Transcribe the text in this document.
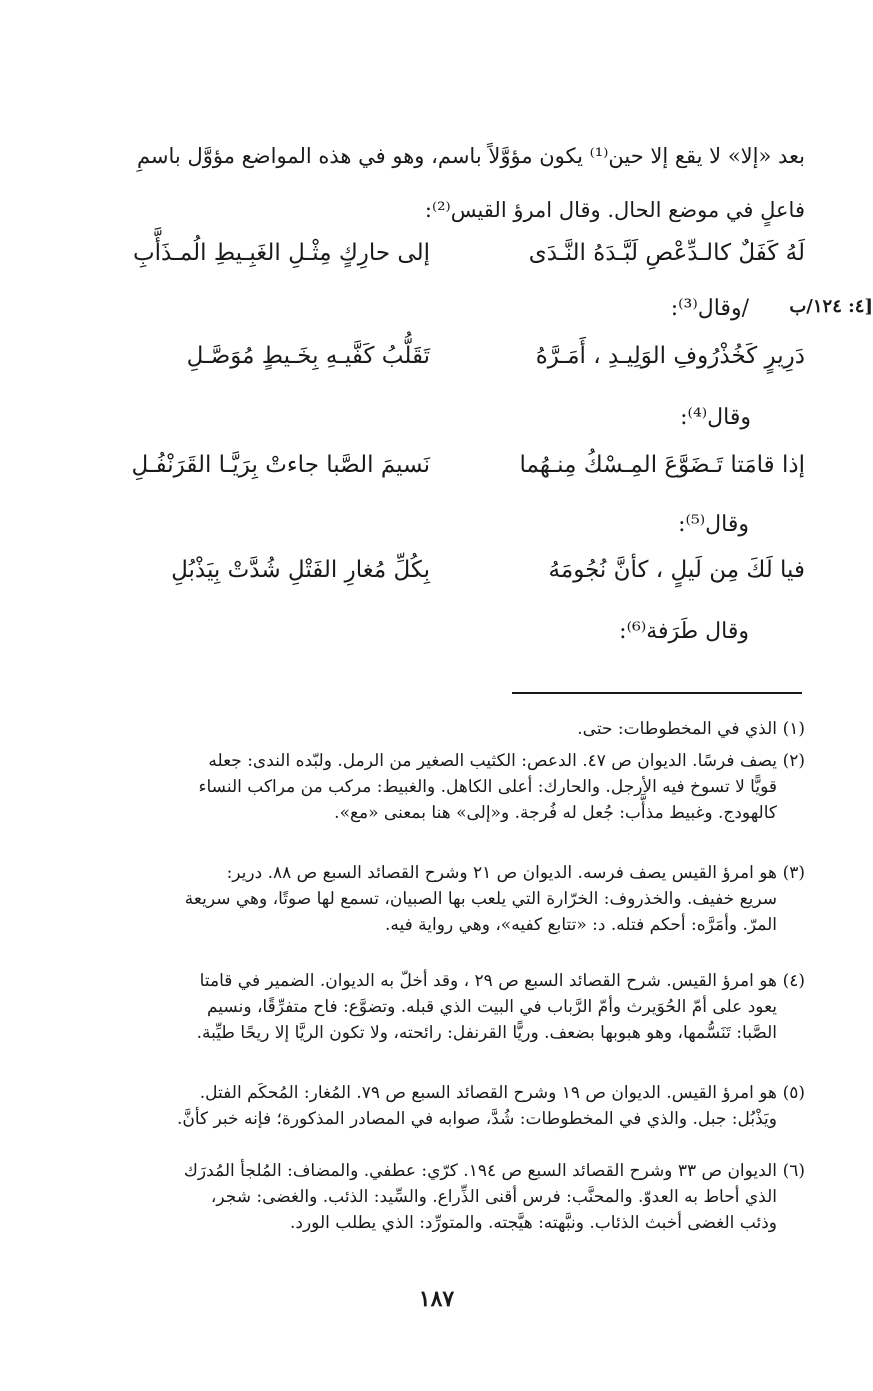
بعد «إلا» لا يقع إلا حين⁽¹⁾ يكون مؤوَّلاً باسم، وهو في هذه المواضع مؤوَّل باسمِ
فاعلٍ في موضع الحال. وقال امرؤ القيس⁽²⁾:
[٤: ١٢٤/ب
لَهُ كَفَلٌ كالـدِّعْصِ لَبَّـدَهُ النَّـدَى
إلى حارِكٍ مِثْـلِ الغَبِـيطِ الُمـذَأَّبِ
/وقال⁽³⁾:
دَرِيرٍ كَخُذْرُوفِ الوَلِيـدِ ، أَمَـرَّهُ
تَقَلُّبُ كَفَّيـهِ بِخَـيطٍ مُوَصَّـلِ
وقال⁽⁴⁾:
إذا قامَتا تَـضَوَّعَ المِـسْكُ مِنـهُما
نَسيمَ الصَّبا جاءتْ بِرَيَّـا القَرَنْفُـلِ
وقال⁽⁵⁾:
فيا لَكَ مِن لَيلٍ ، كأنَّ نُجُومَهُ
بِكُلِّ مُغارِ الفَتْلِ شُدَّتْ بِيَذْبُلِ
وقال طَرَفة⁽⁶⁾:
(١)الذي في المخطوطات: حتى.
(٢)يصف فرسًا. الديوان ص ٤٧. الدعص: الكثيب الصغير من الرمل. ولبّده الندى: جعله
قويًّا لا تسوخ فيه الأرجل. والحارك: أعلى الكاهل. والغبيط: مركب من مراكب النساء
كالهودج. وغبيط مذأَّب: جُعل له فُرجة. و«إلى» هنا بمعنى «مع».
(٣)هو امرؤ القيس يصف فرسه. الديوان ص ٢١ وشرح القصائد السبع ص ٨٨. درير:
سريع خفيف. والخذروف: الخرّارة التي يلعب بها الصبيان، تسمع لها صوتًا، وهي سريعة
المرّ. وأمَرَّه: أحكم فتله. د: «تتابع كفيه»، وهي رواية فيه.
(٤)هو امرؤ القيس. شرح القصائد السبع ص ٢٩ ، وقد أخلّ به الديوان. الضمير في قامتا
يعود على أمّ الحُوَيرث وأمّ الرَّباب في البيت الذي قبله. وتضوَّع: فاح متفرِّقًا، ونسيم
الصَّبا: تَنَسُّمها، وهو هبوبها بضعف. وريًّا القرنفل: رائحته، ولا تكون الريَّا إلا ريحًا طيِّبة.
(٥)هو امرؤ القيس. الديوان ص ١٩ وشرح القصائد السبع ص ٧٩. المُغار: المُحكَم الفتل.
ويَذْبُل: جبل. والذي في المخطوطات: شُدَّ، صوابه في المصادر المذكورة؛ فإنه خبر كأنَّ.
(٦)الديوان ص ٣٣ وشرح القصائد السبع ص ١٩٤. كرّي: عطفي. والمضاف: المُلجأ المُدرَك
الذي أحاط به العدوّ. والمحنَّب: فرس أقنى الذِّراع. والسِّيد: الذئب. والغضى: شجر،
وذئب الغضى أخبث الذئاب. ونبَّهته: هيَّجته. والمتورِّد: الذي يطلب الورد.
١٨٧
